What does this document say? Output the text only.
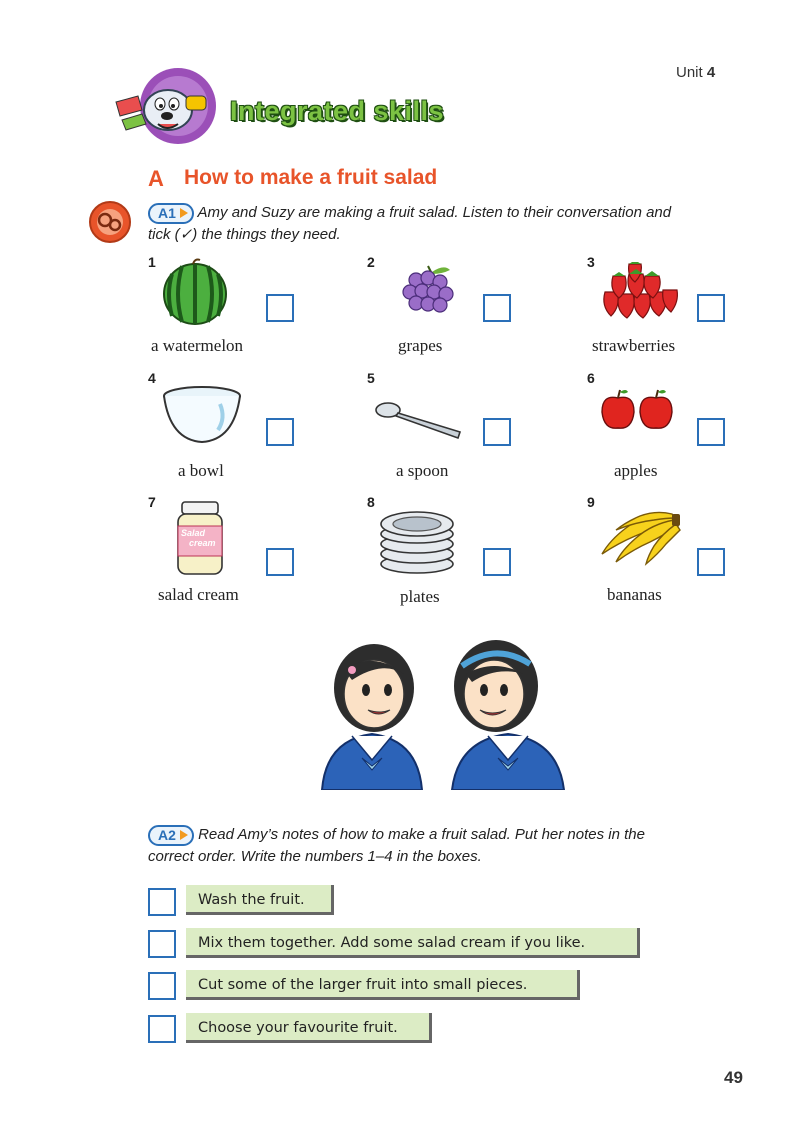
Unit 4
Integrated skills
A How to make a fruit salad
A1 Amy and Suzy are making a fruit salad. Listen to their conversation and
tick (✓) the things they need.
1
a watermelon
2
grapes
3
strawberries
4
a bowl
5
a spoon
6
apples
7
Salad
cream
salad cream
8
plates
9
bananas
A2 Read Amy’s notes of how to make a fruit salad. Put her notes in the
correct order. Write the numbers 1–4 in the boxes.
Wash the fruit.
Mix them together. Add some salad cream if you like.
Cut some of the larger fruit into small pieces.
Choose your favourite fruit.
49
